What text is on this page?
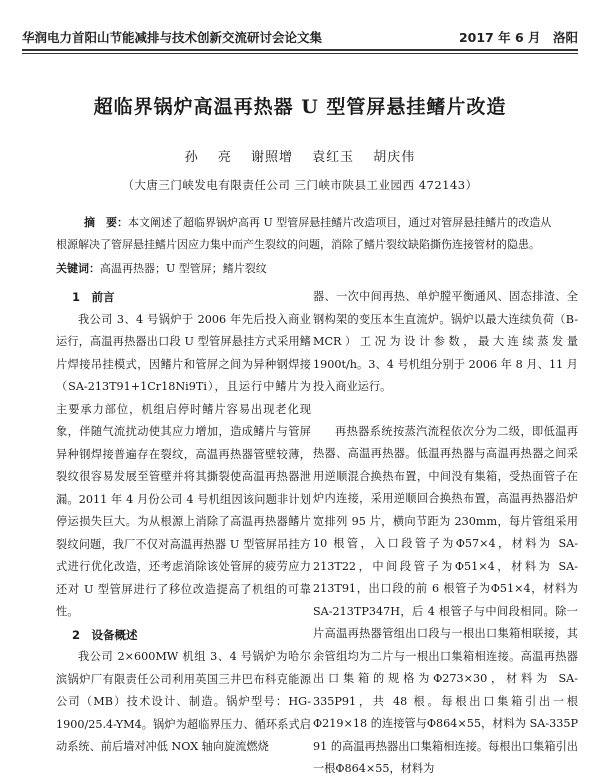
华润电力首阳山节能减排与技术创新交流研讨会论文集	2017 年 6 月　洛阳
超临界锅炉高温再热器 U 型管屏悬挂鳍片改造
孙 亮 谢照增 袁红玉 胡庆伟
（大唐三门峡发电有限责任公司 三门峡市陕县工业园西 472143）
摘　要：本文阐述了超临界锅炉高再 U 型管屏悬挂鳍片改造项目，通过对管屏悬挂鳍片的改造从根源解决了管屏悬挂鳍片因应力集中而产生裂纹的问题，消除了鳍片裂纹缺陷撕伤连接管材的隐患。
关键词：高温再热器；U 型管屏；鳍片裂纹
1　前言

我公司 3、4 号锅炉于 2006 年先后投入商业运行，高温再热器出口段 U 型管屏悬挂方式采用鳍片焊接吊挂模式，因鳍片和管屏之间为异种钢焊接（SA-213T91+1Cr18Ni9Ti），且运行中鳍片为主要承力部位，机组启停时鳍片容易出现老化现象，伴随气流扰动使其应力增加，造成鳍片与管屏异种钢焊接普遍存在裂纹，高温再热器管壁较薄，裂纹很容易发展至管壁并将其撕裂使高温再热器泄漏。2011 年 4 月份公司 4 号机组因该问题非计划停运损失巨大。为从根源上消除了高温再热器鳍片裂纹问题，我厂不仅对高温再热器 U 型管屏吊挂方式进行优化改造，还考虑消除该处管屏的疲劳应力还对 U 型管屏进行了移位改造提高了机组的可靠性。

2　设备概述

我公司 2×600MW 机组 3、4 号锅炉为哈尔滨锅炉厂有限责任公司利用英国三井巴布科克能源公司（MB）技术设计、制造。锅炉型号：HG-1900/25.4-YM4。锅炉为超临界压力、循环系式启动系统、前后墙对冲低 NOX 轴向旋流燃烧

器、一次中间再热、单炉膛平衡通风、固态排渣、全钢构架的变压本生直流炉。锅炉以最大连续负荷（B-MCR）工况为设计参数，最大连续蒸发量 1900t/h。3、4 号机组分别于 2006 年 8 月、11 月投入商业运行。

再热器系统按蒸汽流程依次分为二级，即低温再热器、高温再热器。低温再热器与高温再热器之间采用逆顺混合换热布置，中间没有集箱，受热面管子在炉内连接，采用逆顺回合换热布置，高温再热器沿炉宽排列 95 片，横向节距为 230mm，每片管组采用 10 根管，入口段管子为Φ57×4，材料为 SA-213T22，中间段管子为Φ51×4，材料为 SA-213T91，出口段的前 6 根管子为Φ51×4，材料为 SA-213TP347H，后 4 根管子与中间段相同。除一片高温再热器管组出口段与一根出口集箱相联接，其余管组均为二片与一根出口集箱相连接。高温再热器出口集箱的规格为Φ273×30，材料为 SA-335P91，共 48 根。每根出口集箱引出一根Φ219×18 的连接管与Φ864×55，材料为 SA-335P 91 的高温再热器出口集箱相连接。每根出口集箱引出一根Φ864×55，材料为
